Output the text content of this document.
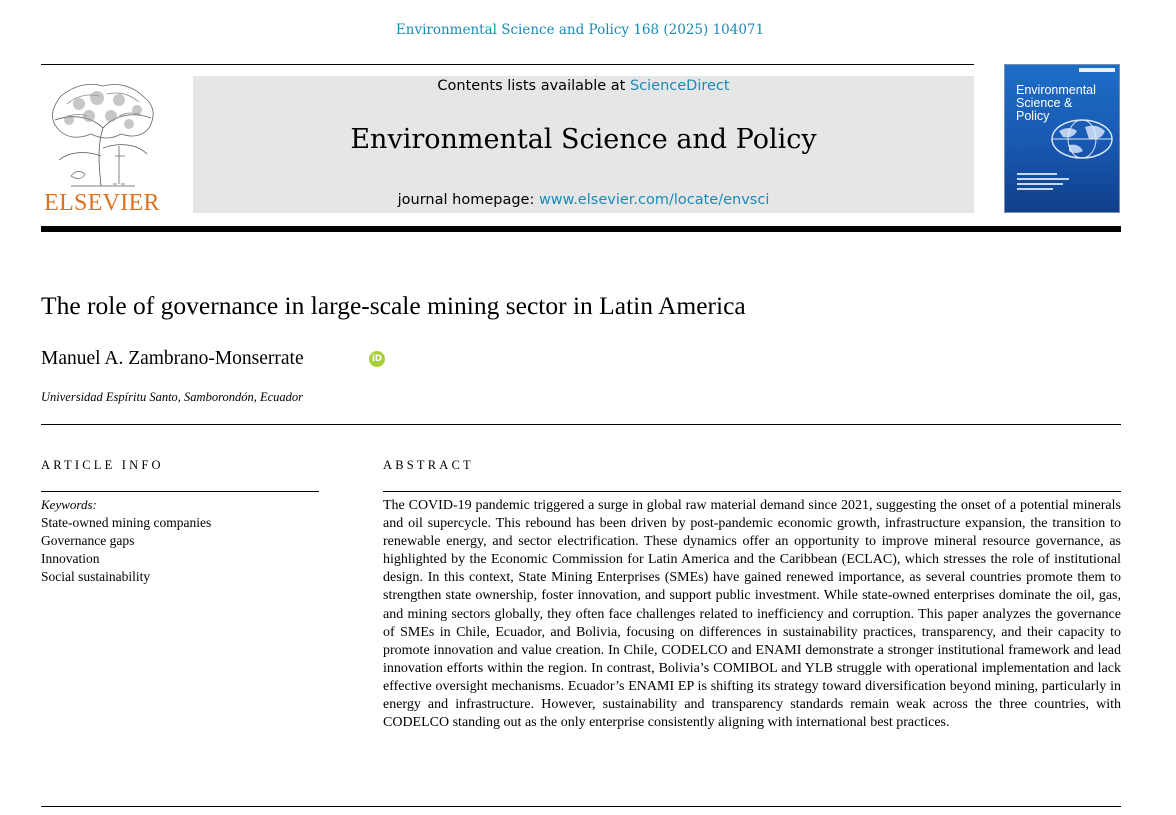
Environmental Science and Policy 168 (2025) 104071
ELSEVIER
Contents lists available at ScienceDirect
Environmental Science and Policy
journal homepage: www.elsevier.com/locate/envsci
Environmental
Science &
Policy
The role of governance in large-scale mining sector in Latin America
Manuel A. Zambrano-Monserrate	iD
Universidad Espíritu Santo, Samborondón, Ecuador
ARTICLE INFO
Keywords:
State-owned mining companies
Governance gaps
Innovation
Social sustainability
ABSTRACT
The COVID-19 pandemic triggered a surge in global raw material demand since 2021, suggesting the onset of a potential minerals and oil supercycle. This rebound has been driven by post-pandemic economic growth, infrastructure expansion, the transition to renewable energy, and sector electrification. These dynamics offer an opportunity to improve mineral resource governance, as highlighted by the Economic Commission for Latin America and the Caribbean (ECLAC), which stresses the role of institutional design. In this context, State Mining Enterprises (SMEs) have gained renewed importance, as several countries promote them to strengthen state ownership, foster innovation, and support public investment. While state-owned enterprises dominate the oil, gas, and mining sectors globally, they often face challenges related to inefficiency and corruption. This paper analyzes the governance of SMEs in Chile, Ecuador, and Bolivia, focusing on differences in sustainability practices, transparency, and their capacity to promote innovation and value creation. In Chile, CODELCO and ENAMI demonstrate a stronger institutional framework and lead innovation efforts within the region. In contrast, Bolivia’s COMIBOL and YLB struggle with operational implementation and lack effective oversight mechanisms. Ecuador’s ENAMI EP is shifting its strategy toward diversification beyond mining, particularly in energy and infrastructure. However, sustainability and transparency standards remain weak across the three countries, with CODELCO standing out as the only enterprise consistently aligning with international best practices.
